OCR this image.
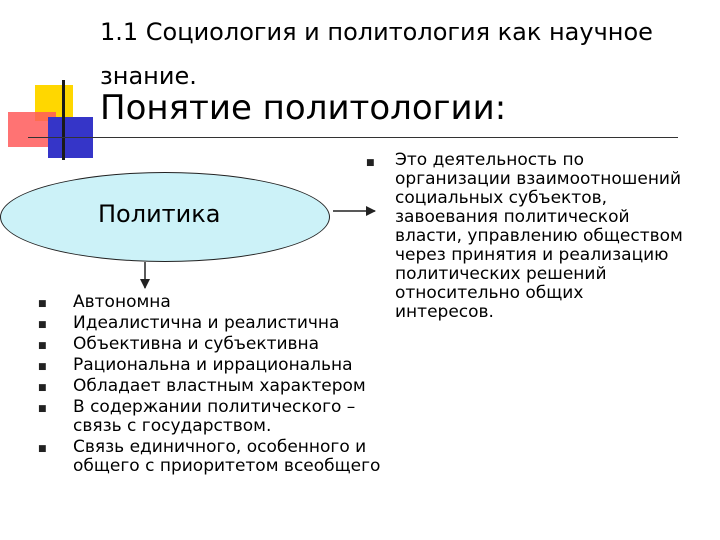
1.1 Социология и политология как научное знание.
Понятие политологии:
Политика
■ Это деятельность по организации взаимоотношений социальных субъектов, завоевания политической власти, управлению обществом через принятия и реализацию политических решений относительно общих интересов.
■ Автономна
■ Идеалистична и реалистична
■ Объективна и субъективна
■ Рациональна и иррациональна
■ Обладает властным характером
■ В содержании политического – связь с государством.
■ Связь единичного, особенного и общего с приоритетом всеобщего
